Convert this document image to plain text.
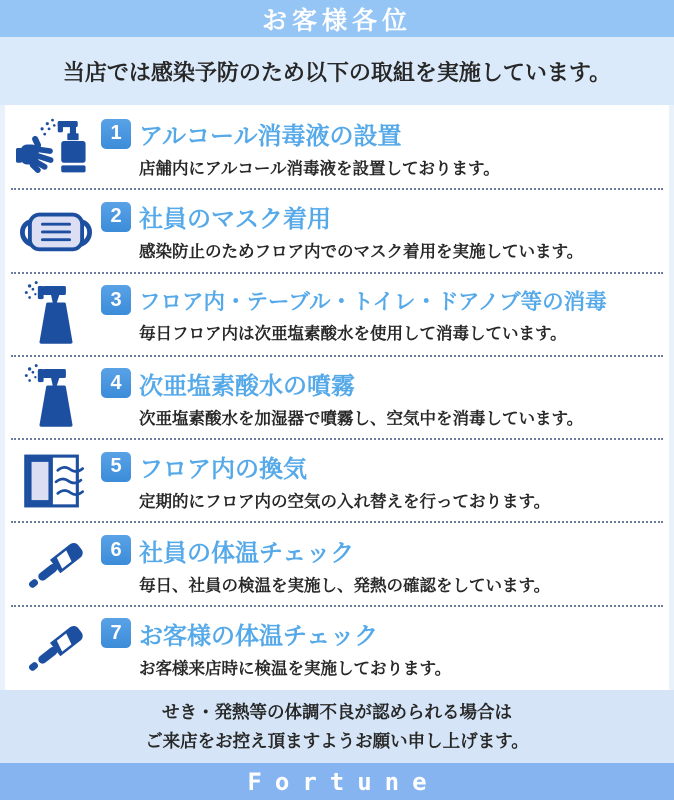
お客様各位
当店では感染予防のため以下の取組を実施しています。
1 アルコール消毒液の設置
店舗内にアルコール消毒液を設置しております。
2 社員のマスク着用
感染防止のためフロア内でのマスク着用を実施しています。
3 フロア内・テーブル・トイレ・ドアノブ等の消毒
毎日フロア内は次亜塩素酸水を使用して消毒しています。
4 次亜塩素酸水の噴霧
次亜塩素酸水を加湿器で噴霧し、空気中を消毒しています。
5 フロア内の換気
定期的にフロア内の空気の入れ替えを行っております。
6 社員の体温チェック
毎日、社員の検温を実施し、発熱の確認をしています。
7 お客様の体温チェック
お客様来店時に検温を実施しております。
せき・発熱等の体調不良が認められる場合は
ご来店をお控え頂ますようお願い申し上げます。
Fortune
